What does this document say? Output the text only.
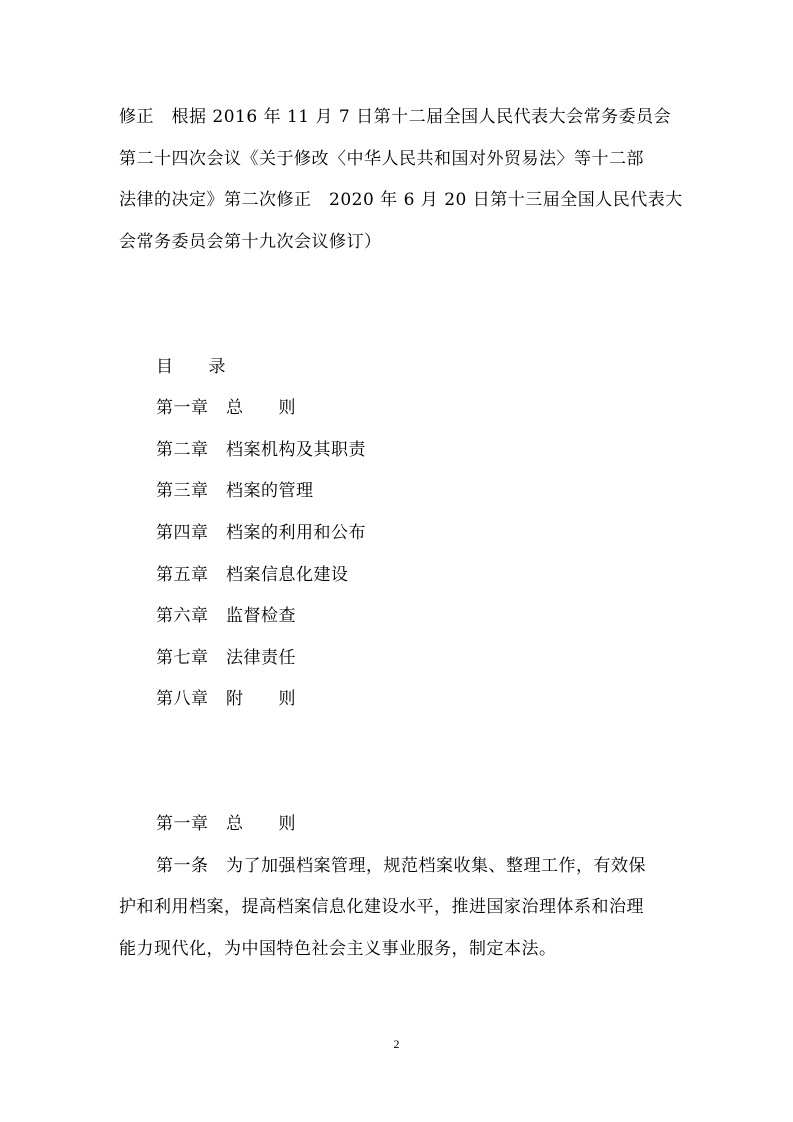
修正　根据 2016 年 11 月 7 日第十二届全国人民代表大会常务委员会
第二十四次会议《关于修改〈中华人民共和国对外贸易法〉等十二部
法律的决定》第二次修正　2020 年 6 月 20 日第十三届全国人民代表大
会常务委员会第十九次会议修订）
目　　录
第一章　总　　则
第二章　档案机构及其职责
第三章　档案的管理
第四章　档案的利用和公布
第五章　档案信息化建设
第六章　监督检查
第七章　法律责任
第八章　附　　则
第一章　总　　则
第一条　为了加强档案管理，规范档案收集、整理工作，有效保
护和利用档案，提高档案信息化建设水平，推进国家治理体系和治理
能力现代化，为中国特色社会主义事业服务，制定本法。
2
